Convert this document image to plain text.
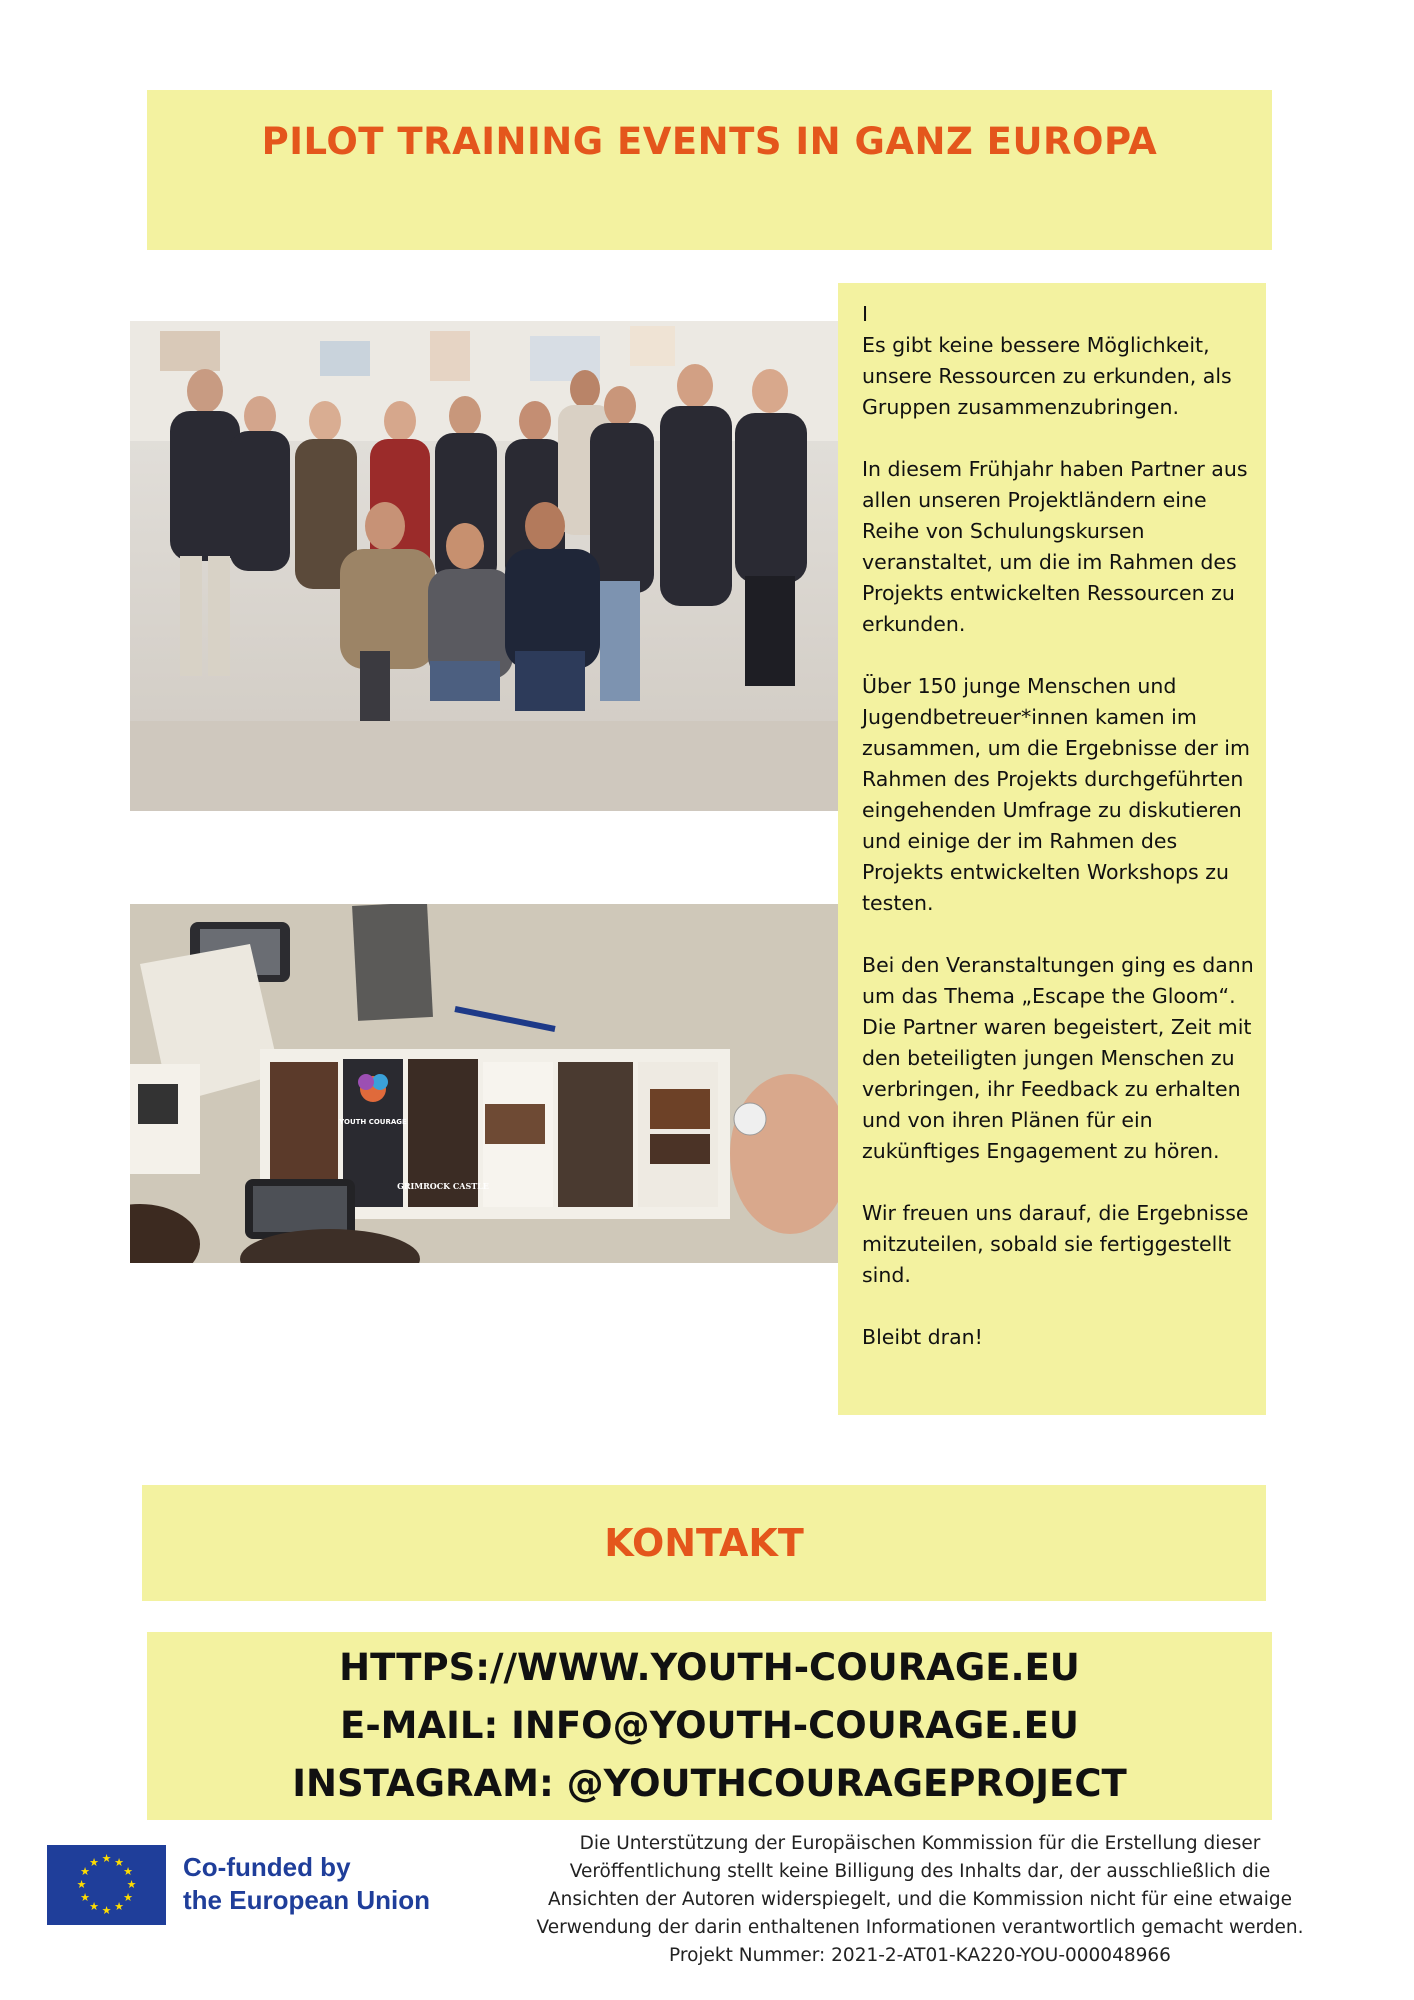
PILOT TRAINING EVENTS IN GANZ EUROPA
YOUTH COURAGE
GRIMROCK CASTLE

I
Es gibt keine bessere Möglichkeit, unsere Ressourcen zu erkunden, als Gruppen zusammenzubringen.

In diesem Frühjahr haben Partner aus allen unseren Projektländern eine Reihe von Schulungskursen veranstaltet, um die im Rahmen des Projekts entwickelten Ressourcen zu erkunden.

Über 150 junge Menschen und Jugendbetreuer*innen kamen im zusammen, um die Ergebnisse der im Rahmen des Projekts durchgeführten eingehenden Umfrage zu diskutieren und einige der im Rahmen des Projekts entwickelten Workshops zu testen.

Bei den Veranstaltungen ging es dann um das Thema „Escape the Gloom“. Die Partner waren begeistert, Zeit mit den beteiligten jungen Menschen zu verbringen, ihr Feedback zu erhalten und von ihren Plänen für ein zukünftiges Engagement zu hören.

Wir freuen uns darauf, die Ergebnisse mitzuteilen, sobald sie fertiggestellt sind.

Bleibt dran!

KONTAKT
HTTPS://WWW.YOUTH-COURAGE.EU
E-MAIL: INFO@YOUTH-COURAGE.EU
INSTAGRAM: @YOUTHCOURAGEPROJECT
★ ★
★
★
★
★
★
★
★
★
★
★	Co-funded by
the European Union
Die Unterstützung der Europäischen Kommission für die Erstellung dieser
Veröffentlichung stellt keine Billigung des Inhalts dar, der ausschließlich die
Ansichten der Autoren widerspiegelt, und die Kommission nicht für eine etwaige
Verwendung der darin enthaltenen Informationen verantwortlich gemacht werden.
Projekt Nummer: 2021-2-AT01-KA220-YOU-000048966
